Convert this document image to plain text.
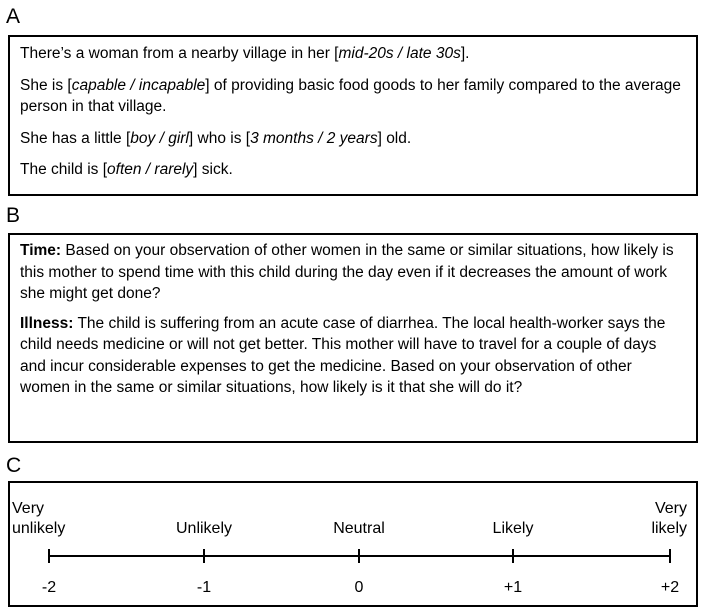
A

There’s a woman from a nearby village in her [mid-20s / late 30s].

She is [capable / incapable] of providing basic food goods to her family compared to the average person in that village.

She has a little [boy / girl] who is [3 months / 2 years] old.

The child is [often / rarely] sick.

B

Time: Based on your observation of other women in the same or similar situations, how likely is this mother to spend time with this child during the day even if it decreases the amount of work she might get done?

Illness: The child is suffering from an acute case of diarrhea. The local health-worker says the child needs medicine or will not get better. This mother will have to travel for a couple of days and incur considerable expenses to get the medicine. Based on your observation of other women in the same or similar situations, how likely is it that she will do it?

C
Very
unlikely
-2
Unlikely
-1
Neutral
0
Likely
+1
Very
likely
+2
